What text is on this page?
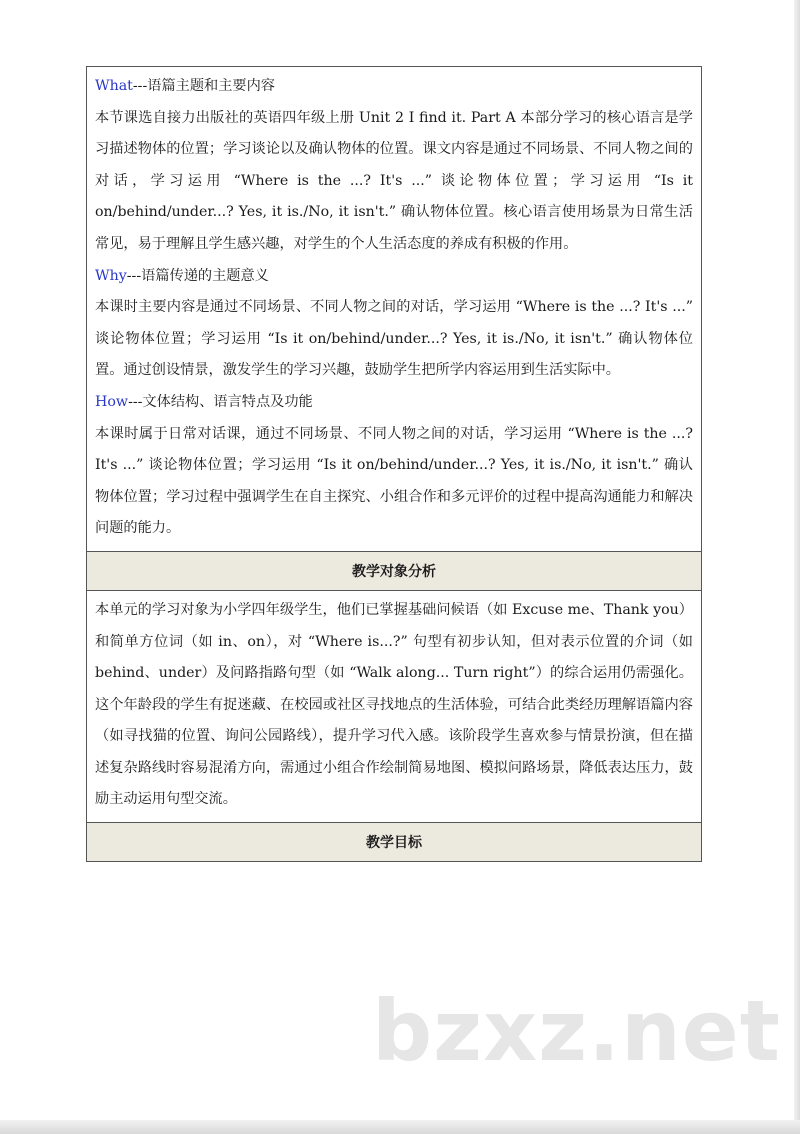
What---语篇主题和主要内容

本节课选自接力出版社的英语四年级上册 Unit 2 I find it. Part A 本部分学习的核心语言是学习描述物体的位置；学习谈论以及确认物体的位置。课文内容是通过不同场景、不同人物之间的对话，学习运用 “Where is the ...? It's ...” 谈论物体位置；学习运用 “Is it on/behind/under...? Yes, it is./No, it isn't.” 确认物体位置。核心语言使用场景为日常生活常见，易于理解且学生感兴趣，对学生的个人生活态度的养成有积极的作用。

Why---语篇传递的主题意义

本课时主要内容是通过不同场景、不同人物之间的对话，学习运用 “Where is the ...? It's ...” 谈论物体位置；学习运用 “Is it on/behind/under...? Yes, it is./No, it isn't.” 确认物体位置。通过创设情景，激发学生的学习兴趣，鼓励学生把所学内容运用到生活实际中。

How---文体结构、语言特点及功能

本课时属于日常对话课，通过不同场景、不同人物之间的对话，学习运用 “Where is the ...? It's ...” 谈论物体位置；学习运用 “Is it on/behind/under...? Yes, it is./No, it isn't.” 确认物体位置；学习过程中强调学生在自主探究、小组合作和多元评价的过程中提高沟通能力和解决问题的能力。

教学对象分析

本单元的学习对象为小学四年级学生，他们已掌握基础问候语（如 Excuse me、Thank you）和简单方位词（如 in、on），对 “Where is...?” 句型有初步认知，但对表示位置的介词（如 behind、under）及问路指路句型（如 “Walk along... Turn right”）的综合运用仍需强化。这个年龄段的学生有捉迷藏、在校园或社区寻找地点的生活体验，可结合此类经历理解语篇内容（如寻找猫的位置、询问公园路线），提升学习代入感。该阶段学生喜欢参与情景扮演，但在描述复杂路线时容易混淆方向，需通过小组合作绘制简易地图、模拟问路场景，降低表达压力，鼓励主动运用句型交流。

教学目标
bzxz.net
